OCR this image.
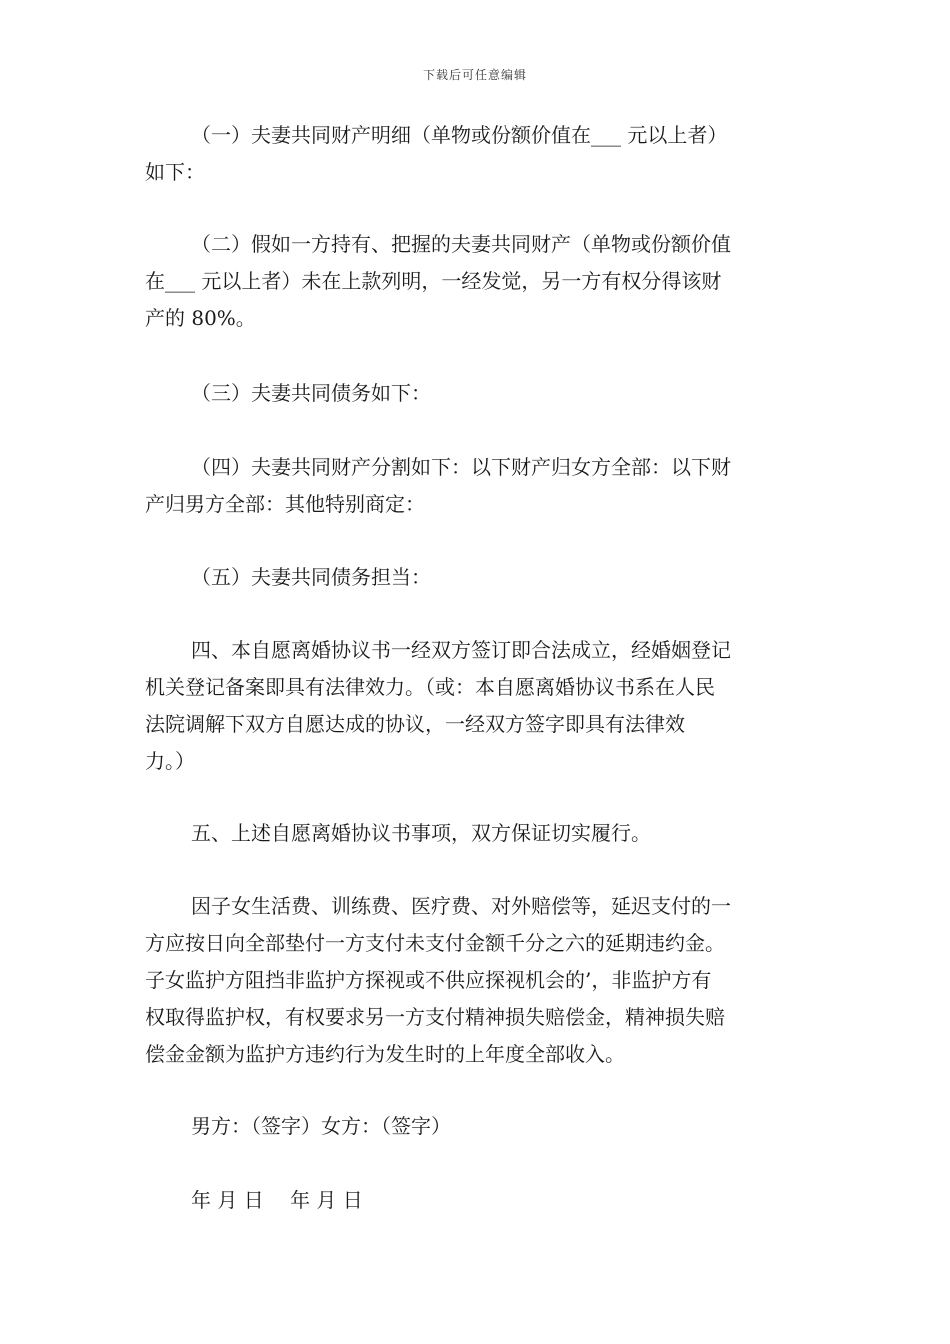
下载后可任意编辑
（一）夫妻共同财产明细（单物或份额价值在___ 元以上者）
如下：
（二）假如一方持有、把握的夫妻共同财产（单物或份额价值
在___ 元以上者）未在上款列明，一经发觉，另一方有权分得该财
产的 80%。
（三）夫妻共同债务如下：
（四）夫妻共同财产分割如下：以下财产归女方全部：以下财
产归男方全部：其他特别商定：
（五）夫妻共同债务担当：
四、本自愿离婚协议书一经双方签订即合法成立，经婚姻登记
机关登记备案即具有法律效力。（或：本自愿离婚协议书系在人民
法院调解下双方自愿达成的协议，一经双方签字即具有法律效
力。）
五、上述自愿离婚协议书事项，双方保证切实履行。
因子女生活费、训练费、医疗费、对外赔偿等，延迟支付的一
方应按日向全部垫付一方支付未支付金额千分之六的延期违约金。
子女监护方阻挡非监护方探视或不供应探视机会的’，非监护方有
权取得监护权，有权要求另一方支付精神损失赔偿金，精神损失赔
偿金金额为监护方违约行为发生时的上年度全部收入。
男方：（签字）女方：（签字）
年 月 日　 年 月 日
